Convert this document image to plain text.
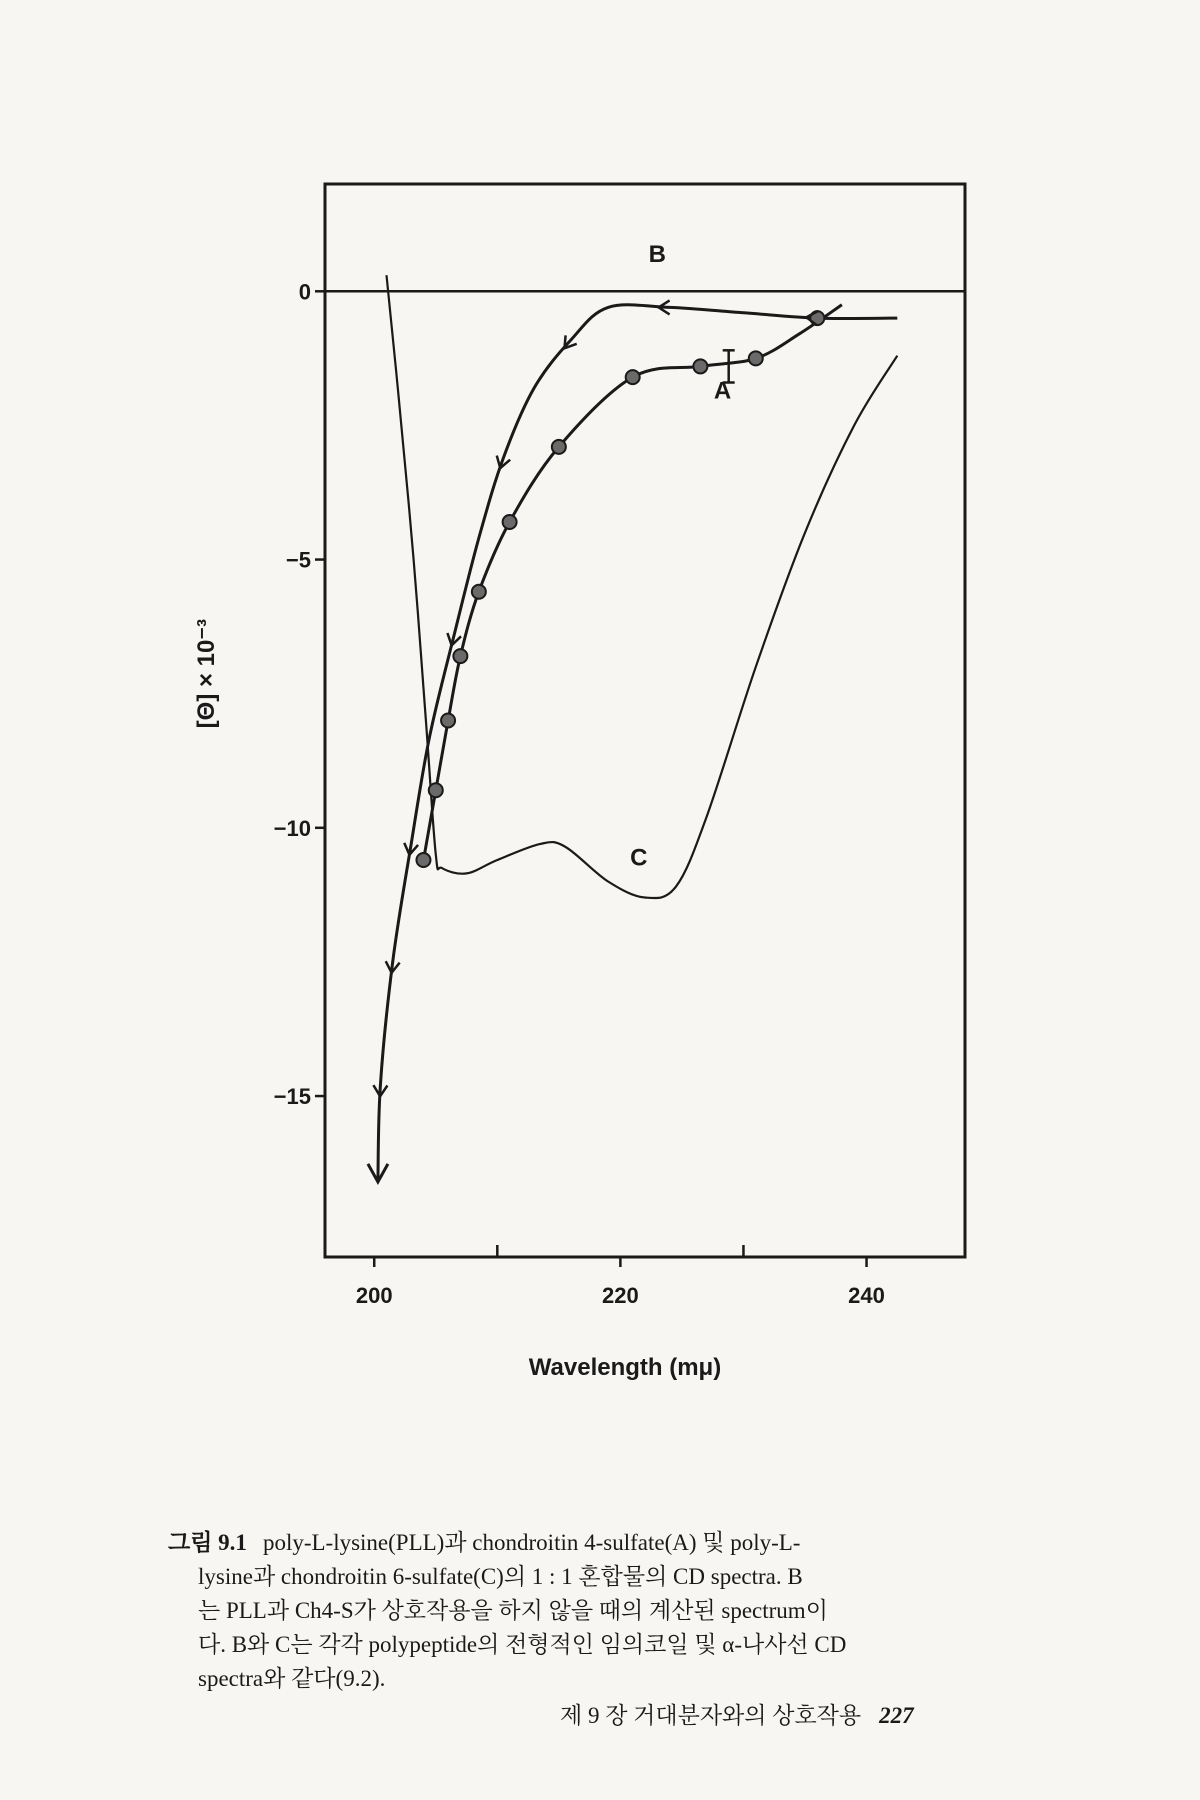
200	220	240
0
−5
−10
−15
Wavelength (mμ)
[Θ] × 10⁻³
A
B
C
그림 9.1 poly-L-lysine(PLL)과 chondroitin 4-sulfate(A) 및 poly-L-
lysine과 chondroitin 6-sulfate(C)의 1 : 1 혼합물의 CD spectra. B
는 PLL과 Ch4-S가 상호작용을 하지 않을 때의 계산된 spectrum이
다. B와 C는 각각 polypeptide의 전형적인 임의코일 및 α-나사선 CD
spectra와 같다(9.2).
제 9 장 거대분자와의 상호작용 227
